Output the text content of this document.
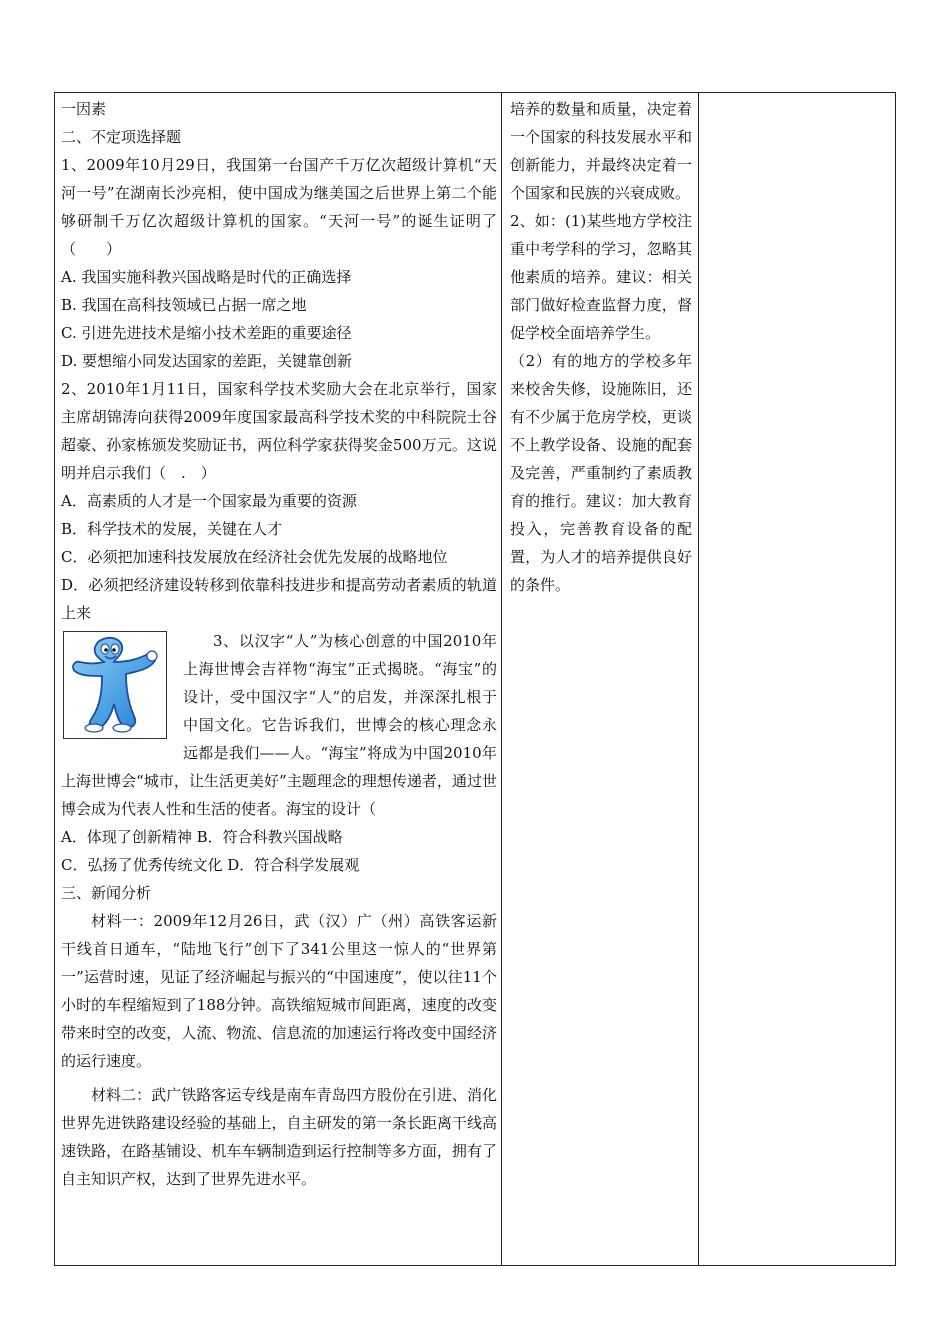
一因素

二、不定项选择题

1、2009年10月29日，我国第一台国产千万亿次超级计算机“天河一号”在湖南长沙亮相，使中国成为继美国之后世界上第二个能够研制千万亿次超级计算机的国家。“天河一号”的诞生证明了（　　）

A. 我国实施科教兴国战略是时代的正确选择

B. 我国在高科技领域已占据一席之地

C. 引进先进技术是缩小技术差距的重要途径

D. 要想缩小同发达国家的差距，关键靠创新

2、2010年1月11日，国家科学技术奖励大会在北京举行，国家主席胡锦涛向获得2009年度国家最高科学技术奖的中科院院士谷超豪、孙家栋颁发奖励证书，两位科学家获得奖金500万元。这说明并启示我们（　.　）

A．高素质的人才是一个国家最为重要的资源

B．科学技术的发展，关键在人才

C．必须把加速科技发展放在经济社会优先发展的战略地位

D．必须把经济建设转移到依靠科技进步和提高劳动者素质的轨道上来

3、以汉字“人”为核心创意的中国2010年上海世博会吉祥物“海宝”正式揭晓。“海宝”的设计，受中国汉字“人”的启发，并深深扎根于中国文化。它告诉我们，世博会的核心理念永远都是我们——人。“海宝”将成为中国2010年上海世博会“城市，让生活更美好”主题理念的理想传递者，通过世博会成为代表人性和生活的使者。海宝的设计（

A．体现了创新精神 B．符合科教兴国战略

C．弘扬了优秀传统文化 D．符合科学发展观

三、新闻分析

材料一：2009年12月26日，武（汉）广（州）高铁客运新干线首日通车，“陆地飞行”创下了341公里这一惊人的“世界第一”运营时速，见证了经济崛起与振兴的“中国速度”，使以往11个小时的车程缩短到了188分钟。高铁缩短城市间距离，速度的改变带来时空的改变，人流、物流、信息流的加速运行将改变中国经济的运行速度。

材料二：武广铁路客运专线是南车青岛四方股份在引进、消化世界先进铁路建设经验的基础上，自主研发的第一条长距离干线高速铁路，在路基铺设、机车车辆制造到运行控制等多方面，拥有了自主知识产权，达到了世界先进水平。

培养的数量和质量，决定着一个国家的科技发展水平和创新能力，并最终决定着一个国家和民族的兴衰成败。

2、如：(1)某些地方学校注重中考学科的学习，忽略其他素质的培养。建议：相关部门做好检查监督力度，督促学校全面培养学生。

（2）有的地方的学校多年来校舍失修，设施陈旧，还有不少属于危房学校，更谈不上教学设备、设施的配套及完善，严重制约了素质教育的推行。建议：加大教育投入，完善教育设备的配置，为人才的培养提供良好的条件。
